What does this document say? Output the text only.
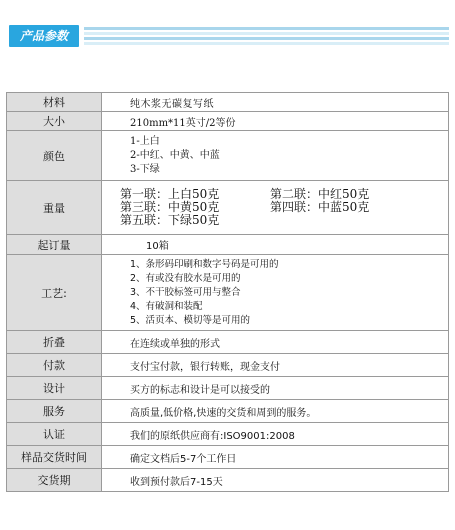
产品参数
材料	纯木浆无碳复写纸
大小	210mm*11英寸/2等份
颜色	1-上白
2-中红、中黄、中蓝
3-下绿

重量	第一联：上白50克 第二联：中红50克
第三联：中黄50克 第四联：中蓝50克
第五联：下绿50克

起订量	10箱
工艺:	1、条形码印刷和数字号码是可用的
2、有或没有胶水是可用的
3、不干胶标签可用与整合
4、有破洞和装配
5、活页本、模切等是可用的

折叠	在连续或单独的形式
付款	支付宝付款，银行转账，现金支付
设计	买方的标志和设计是可以接受的
服务	高质量,低价格,快速的交货和周到的服务。
认证	我们的原纸供应商有:ISO9001:2008
样品交货时间	确定文档后5-7个工作日
交货期	收到预付款后7-15天
